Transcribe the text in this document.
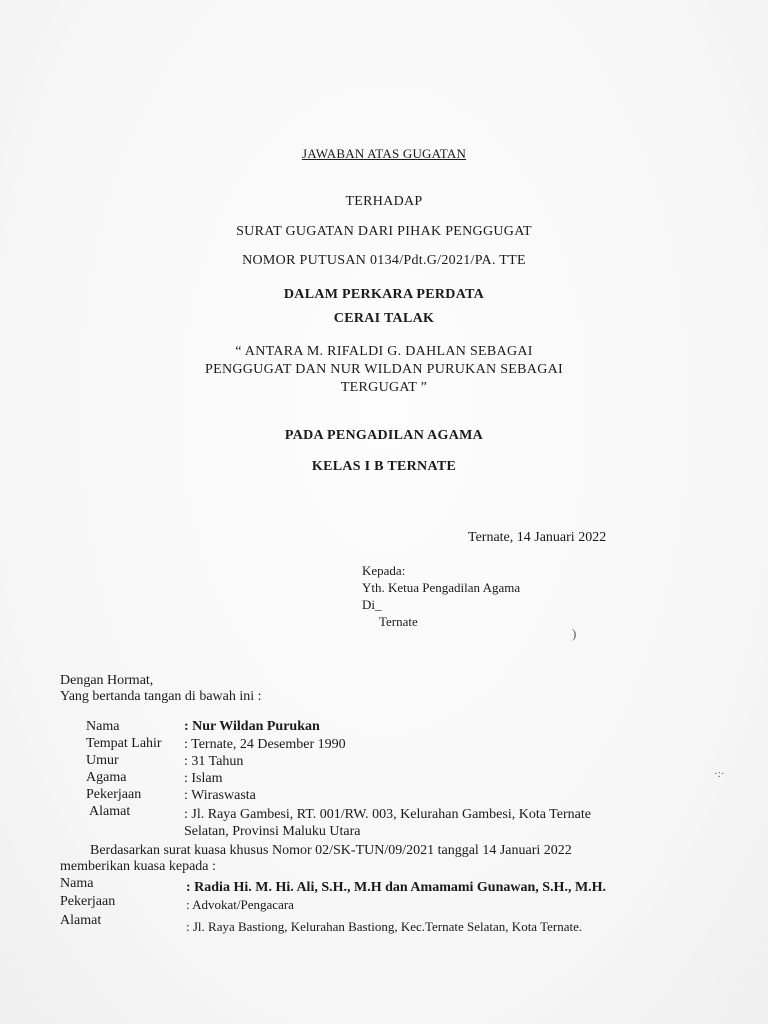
JAWABAN ATAS GUGATAN
TERHADAP
SURAT GUGATAN DARI PIHAK PENGGUGAT
NOMOR PUTUSAN 0134/Pdt.G/2021/PA. TTE
DALAM PERKARA PERDATA
CERAI TALAK
“ ANTARA M. RIFALDI G. DAHLAN SEBAGAI
PENGGUGAT DAN NUR WILDAN PURUKAN SEBAGAI
TERGUGAT ”
PADA PENGADILAN AGAMA
KELAS I B TERNATE
Ternate, 14 Januari 2022
Kepada:
Yth. Ketua Pengadilan Agama
Di_
Ternate
)
·:·
Dengan Hormat,
Yang bertanda tangan di bawah ini :
Nama	: Nur Wildan Purukan
Tempat Lahir : Ternate, 24 Desember 1990
Umur	: 31 Tahun
Agama	: Islam
Pekerjaan	: Wiraswasta
Alamat	: Jl. Raya Gambesi, RT. 001/RW. 003, Kelurahan Gambesi, Kota Ternate Selatan, Provinsi Maluku Utara
Berdasarkan surat kuasa khusus Nomor 02/SK-TUN/09/2021 tanggal 14 Januari 2022
memberikan kuasa kepada :
Nama	: Radia Hi. M. Hi. Ali, S.H., M.H dan Amamami Gunawan, S.H., M.H.
Pekerjaan	: Advokat/Pengacara
Alamat	: Jl. Raya Bastiong, Kelurahan Bastiong, Kec.Ternate Selatan, Kota Ternate.
